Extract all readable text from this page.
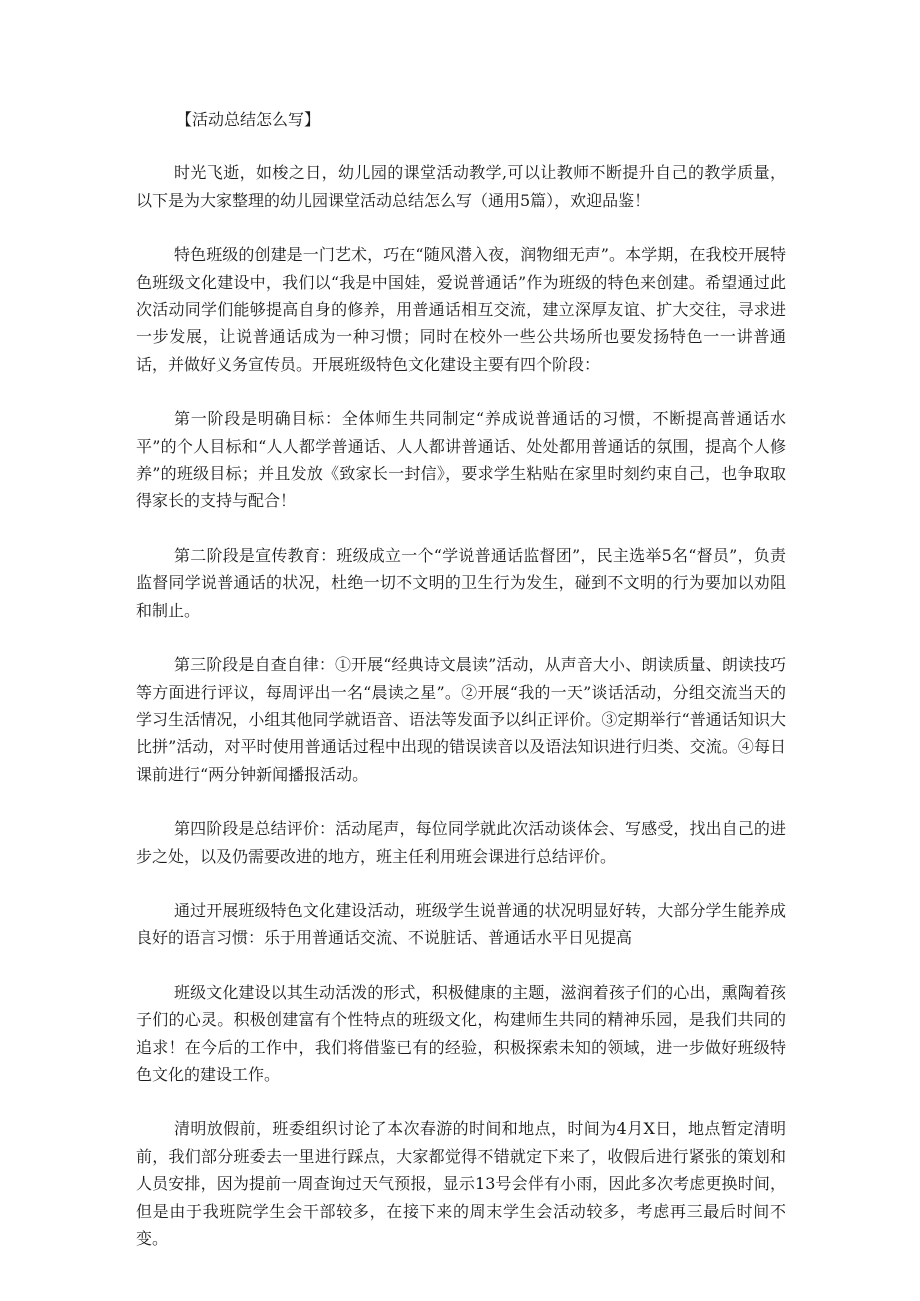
【活动总结怎么写】

时光飞逝，如梭之日，幼儿园的课堂活动教学,可以让教师不断提升自己的教学质量，以下是为大家整理的幼儿园课堂活动总结怎么写（通用5篇），欢迎品鉴！

特色班级的创建是一门艺术，巧在“随风潜入夜，润物细无声”。本学期，在我校开展特色班级文化建设中，我们以“我是中国娃，爱说普通话”作为班级的特色来创建。希望通过此次活动同学们能够提高自身的修养，用普通话相互交流，建立深厚友谊、扩大交往，寻求进一步发展，让说普通话成为一种习惯；同时在校外一些公共场所也要发扬特色一一讲普通话，并做好义务宣传员。开展班级特色文化建设主要有四个阶段：

第一阶段是明确目标：全体师生共同制定“养成说普通话的习惯，不断提高普通话水平”的个人目标和“人人都学普通话、人人都讲普通话、处处都用普通话的氛围，提高个人修养”的班级目标；并且发放《致家长一封信》，要求学生粘贴在家里时刻约束自己，也争取取得家长的支持与配合！

第二阶段是宣传教育：班级成立一个“学说普通话监督团”，民主选举5名“督员”，负责监督同学说普通话的状况，杜绝一切不文明的卫生行为发生，碰到不文明的行为要加以劝阻和制止。

第三阶段是自查自律：①开展“经典诗文晨读”活动，从声音大小、朗读质量、朗读技巧等方面进行评议，每周评出一名“晨读之星”。②开展“我的一天”谈话活动，分组交流当天的学习生活情况，小组其他同学就语音、语法等发面予以纠正评价。③定期举行“普通话知识大比拼”活动，对平时使用普通话过程中出现的错误读音以及语法知识进行归类、交流。④每日课前进行“两分钟新闻播报活动。

第四阶段是总结评价：活动尾声，每位同学就此次活动谈体会、写感受，找出自己的进步之处，以及仍需要改进的地方，班主任利用班会课进行总结评价。

通过开展班级特色文化建设活动，班级学生说普通的状况明显好转，大部分学生能养成良好的语言习惯：乐于用普通话交流、不说脏话、普通话水平日见提高

班级文化建设以其生动活泼的形式，积极健康的主题，滋润着孩子们的心出，熏陶着孩子们的心灵。积极创建富有个性特点的班级文化，构建师生共同的精神乐园，是我们共同的追求！在今后的工作中，我们将借鉴已有的经验，积极探索未知的领域，进一步做好班级特色文化的建设工作。

清明放假前，班委组织讨论了本次春游的时间和地点，时间为4月X日，地点暂定清明前，我们部分班委去一里进行踩点，大家都觉得不错就定下来了，收假后进行紧张的策划和人员安排，因为提前一周查询过天气预报，显示13号会伴有小雨，因此多次考虑更换时间，但是由于我班院学生会干部较多，在接下来的周末学生会活动较多，考虑再三最后时间不变。
